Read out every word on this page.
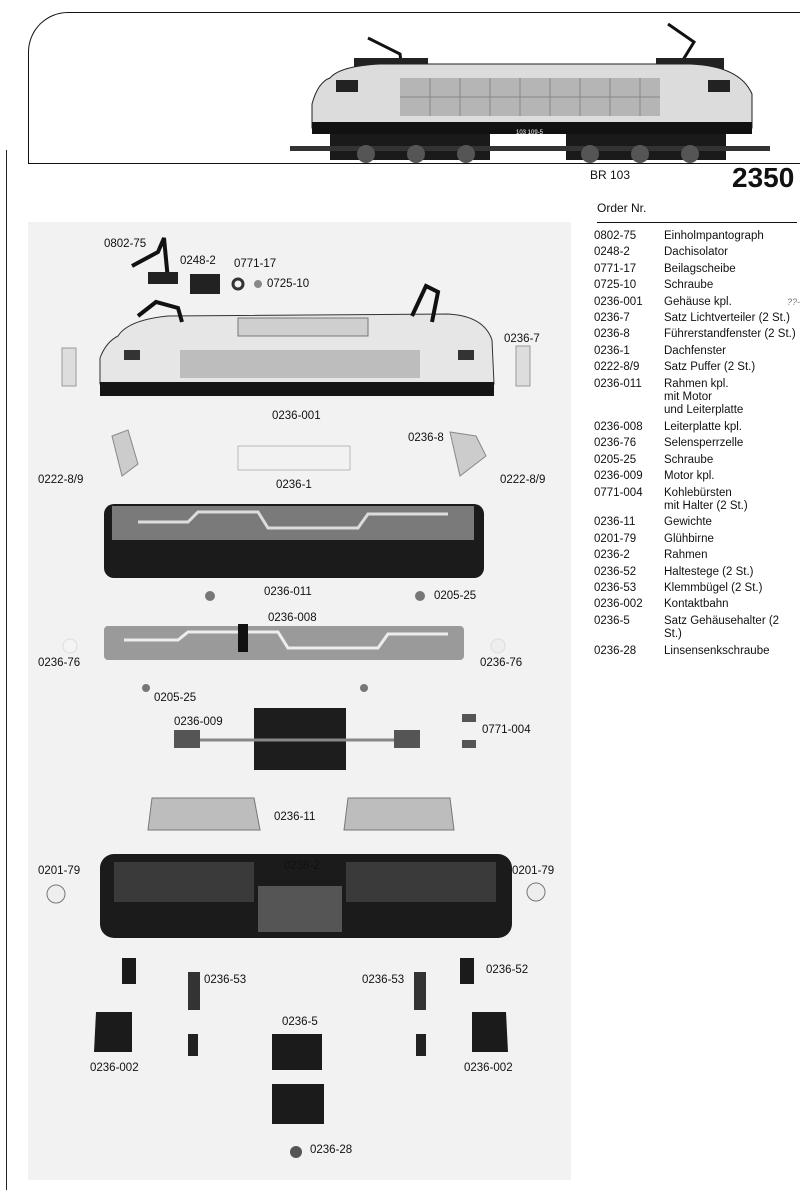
103 109-5
BR 103	2350
Order Nr.
0802-75	Einholmpantograph
0248-2	Dachisolator
0771-17	Beilagscheibe
0725-10	Schraube
0236-001	Gehäuse kpl.	??-
0236-7	Satz Lichtverteiler (2 St.)
0236-8	Führerstandfenster (2 St.)
0236-1	Dachfenster
0222-8/9	Satz Puffer (2 St.)
0236-011	Rahmen kpl.
mit Motor
und Leiterplatte
0236-008	Leiterplatte kpl.
0236-76	Selensperrzelle
0205-25	Schraube
0236-009	Motor kpl.
0771-004	Kohlebürsten
mit Halter (2 St.)
0236-11	Gewichte
0201-79	Glühbirne
0236-2	Rahmen
0236-52	Haltestege (2 St.)
0236-53	Klemmbügel (2 St.)
0236-002	Kontaktbahn
0236-5	Satz Gehäusehalter (2 St.)
0236-28	Linsensenkschraube
0802-75
0248-2 0771-17
0725-10
0236-7
0236-001
0236-8
0222-8/9	0236-1	0222-8/9
0236-011	0205-25
0236-008
0236-76	0236-76
0205-25
0236-009
0771-004
0236-11
0201-79	0236-2	0201-79
0236-53	0236-53
0236-52
0236-5
0236-002	0236-002
0236-28
